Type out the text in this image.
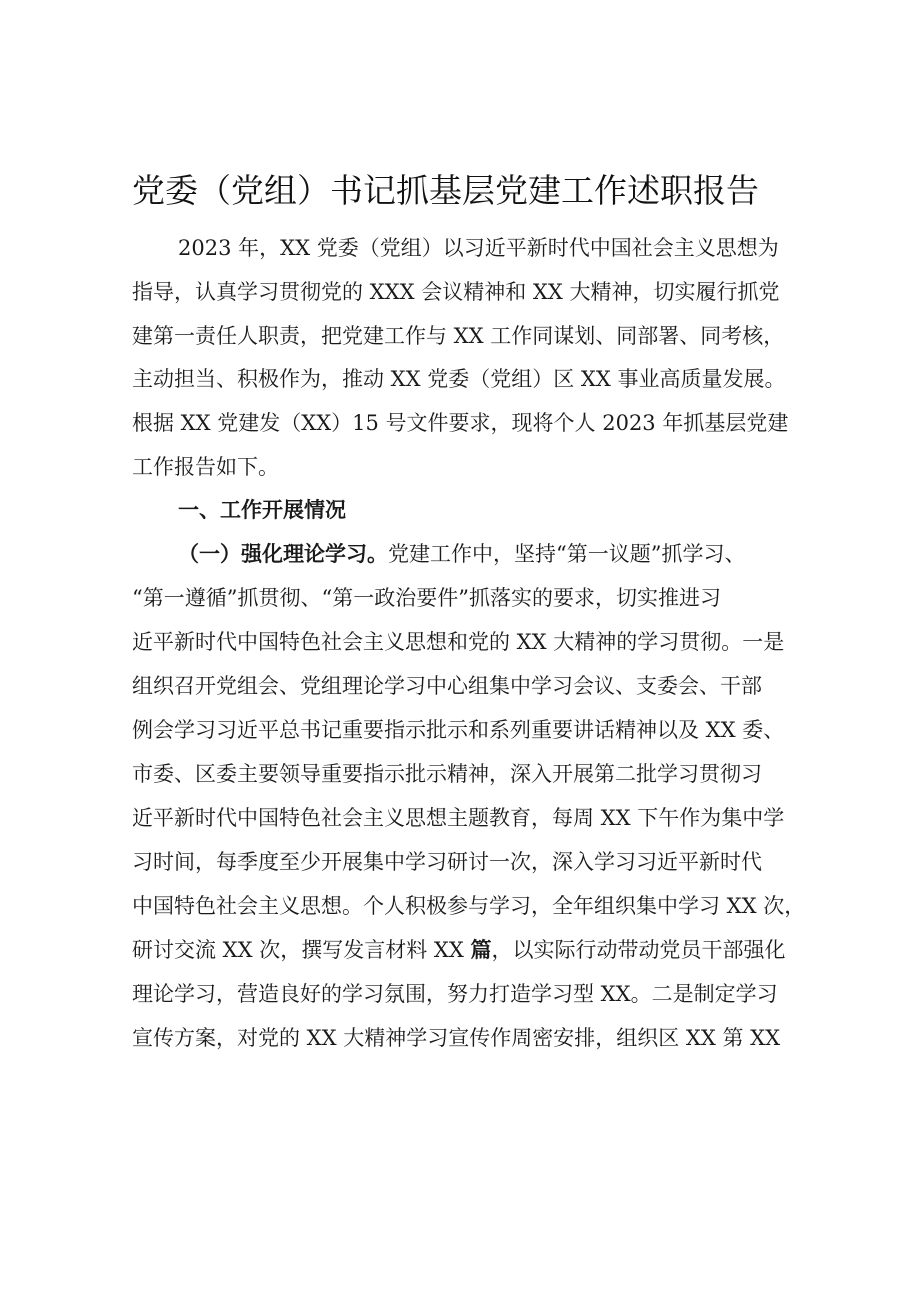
党委（党组）书记抓基层党建工作述职报告
2023 年，XX 党委（党组）以习近平新时代中国社会主义思想为
指导，认真学习贯彻党的 XXX 会议精神和 XX 大精神，切实履行抓党
建第一责任人职责，把党建工作与 XX 工作同谋划、同部署、同考核，
主动担当、积极作为，推动 XX 党委（党组）区 XX 事业高质量发展。
根据 XX 党建发（XX）15 号文件要求，现将个人 2023 年抓基层党建
工作报告如下。
一、工作开展情况
（一）强化理论学习。党建工作中，坚持“第一议题”抓学习、
“第一遵循”抓贯彻、“第一政治要件”抓落实的要求，切实推进习
近平新时代中国特色社会主义思想和党的 XX 大精神的学习贯彻。一是
组织召开党组会、党组理论学习中心组集中学习会议、支委会、干部
例会学习习近平总书记重要指示批示和系列重要讲话精神以及 XX 委、
市委、区委主要领导重要指示批示精神，深入开展第二批学习贯彻习
近平新时代中国特色社会主义思想主题教育，每周 XX 下午作为集中学
习时间，每季度至少开展集中学习研讨一次，深入学习习近平新时代
中国特色社会主义思想。个人积极参与学习，全年组织集中学习 XX 次，
研讨交流 XX 次，撰写发言材料 XX 篇，以实际行动带动党员干部强化
理论学习，营造良好的学习氛围，努力打造学习型 XX。二是制定学习
宣传方案，对党的 XX 大精神学习宣传作周密安排，组织区 XX 第 XX
